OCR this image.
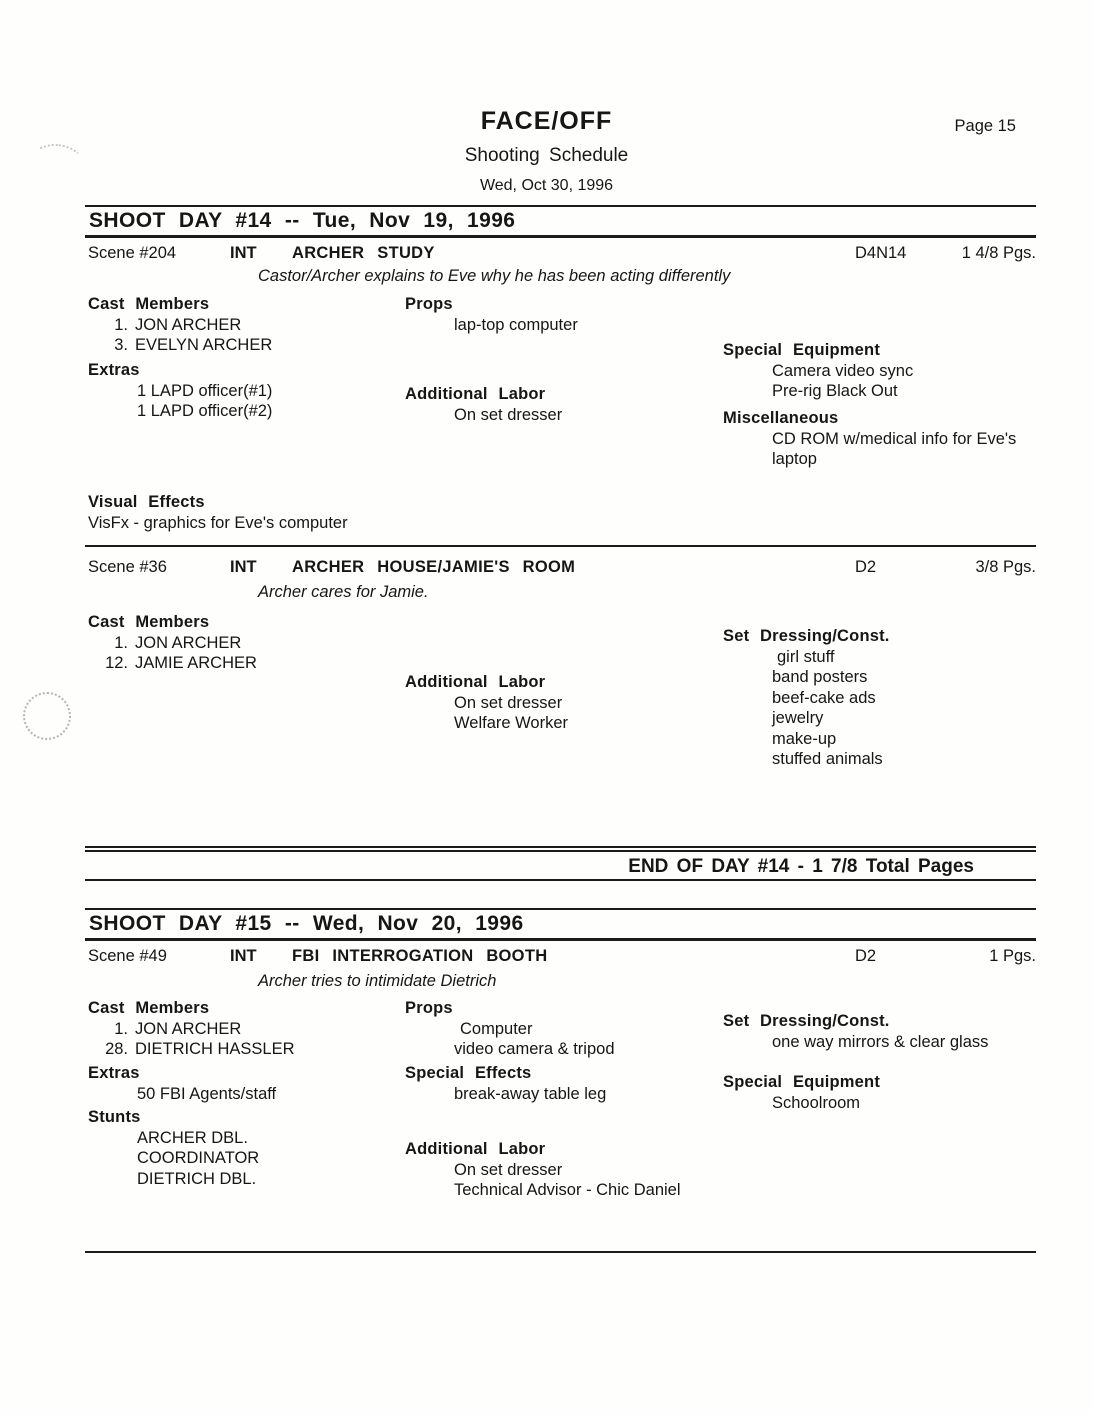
FACE/OFF	Page 15
Shooting Schedule
Wed, Oct 30, 1996
SHOOT DAY #14 -- Tue, Nov 19, 1996
Scene #204	INT ARCHER STUDY	D4N14	1 4/8 Pgs.
Castor/Archer explains to Eve why he has been acting differently
Cast Members
1. JON ARCHER
3. EVELYN ARCHER
Extras
1 LAPD officer(#1)
1 LAPD officer(#2)
Props
lap-top computer
Additional Labor
On set dresser
Special Equipment
Camera video sync
Pre-rig Black Out
Miscellaneous
CD ROM w/medical info for Eve's laptop
Visual Effects
VisFx - graphics for Eve's computer
Scene #36	INT ARCHER HOUSE/JAMIE'S ROOM	D2	3/8 Pgs.
Archer cares for Jamie.
Cast Members
1. JON ARCHER
12. JAMIE ARCHER
Additional Labor
On set dresser
Welfare Worker
Set Dressing/Const.
girl stuff
band posters
beef-cake ads
jewelry
make-up
stuffed animals
END OF DAY #14 - 1 7/8 Total Pages
SHOOT DAY #15 -- Wed, Nov 20, 1996
Scene #49	INT FBI INTERROGATION BOOTH	D2	1 Pgs.
Archer tries to intimidate Dietrich
Cast Members
1. JON ARCHER
28. DIETRICH HASSLER
Extras
50 FBI Agents/staff
Stunts
ARCHER DBL.
COORDINATOR
DIETRICH DBL.
Props
Computer
video camera & tripod
Special Effects
break-away table leg
Additional Labor
On set dresser
Technical Advisor - Chic Daniel
Set Dressing/Const.
one way mirrors & clear glass
Special Equipment
Schoolroom
